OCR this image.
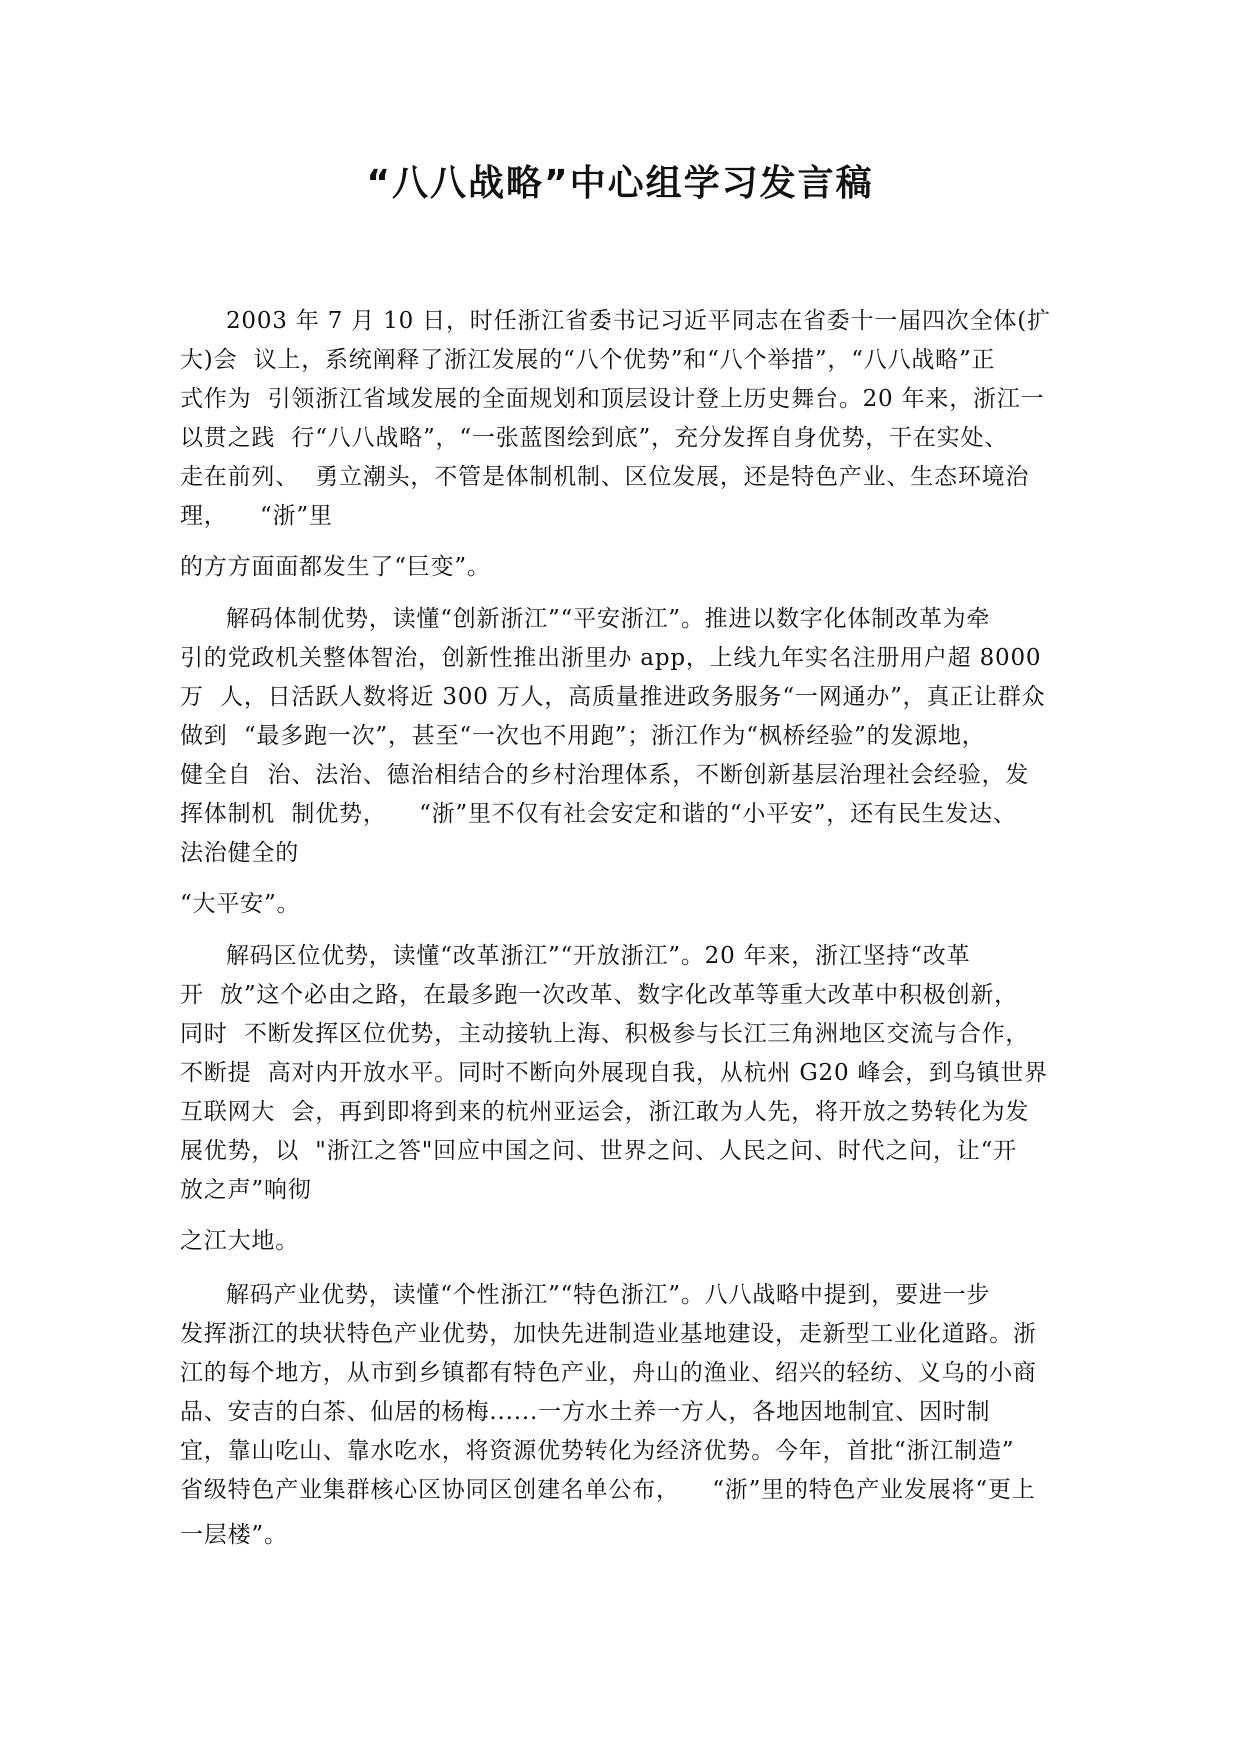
“八八战略”中心组学习发言稿
2003 年 7 月 10 日，时任浙江省委书记习近平同志在省委十一届四次全体(扩
大)会  议上，系统阐释了浙江发展的“八个优势”和“八个举措”，“八八战略”正
式作为  引领浙江省域发展的全面规划和顶层设计登上历史舞台。20 年来，浙江一
以贯之践  行“八八战略”，“一张蓝图绘到底”，充分发挥自身优势，干在实处、
走在前列、  勇立潮头，不管是体制机制、区位发展，还是特色产业、生态环境治
理，    “浙”里
的方方面面都发生了“巨变”。
解码体制优势，读懂“创新浙江”“平安浙江”。推进以数字化体制改革为牵
引的党政机关整体智治，创新性推出浙里办 app，上线九年实名注册用户超 8000
万  人，日活跃人数将近 300 万人，高质量推进政务服务“一网通办”，真正让群众
做到  “最多跑一次”，甚至“一次也不用跑”；浙江作为“枫桥经验”的发源地，
健全自  治、法治、德治相结合的乡村治理体系，不断创新基层治理社会经验，发
挥体制机  制优势，    “浙”里不仅有社会安定和谐的“小平安”，还有民生发达、
法治健全的
“大平安”。
解码区位优势，读懂“改革浙江”“开放浙江”。20 年来，浙江坚持“改革
开  放”这个必由之路，在最多跑一次改革、数字化改革等重大改革中积极创新，
同时  不断发挥区位优势，主动接轨上海、积极参与长江三角洲地区交流与合作，
不断提  高对内开放水平。同时不断向外展现自我，从杭州 G20 峰会，到乌镇世界
互联网大  会，再到即将到来的杭州亚运会，浙江敢为人先，将开放之势转化为发
展优势，以  "浙江之答"回应中国之问、世界之问、人民之问、时代之问，让“开
放之声”响彻
之江大地。
解码产业优势，读懂“个性浙江”“特色浙江”。八八战略中提到，要进一步
发挥浙江的块状特色产业优势，加快先进制造业基地建设，走新型工业化道路。浙
江的每个地方，从市到乡镇都有特色产业，舟山的渔业、绍兴的轻纺、义乌的小商
品、安吉的白茶、仙居的杨梅......一方水土养一方人，各地因地制宜、因时制
宜，靠山吃山、靠水吃水，将资源优势转化为经济优势。今年，首批“浙江制造”
省级特色产业集群核心区协同区创建名单公布，    “浙”里的特色产业发展将“更上
一层楼”。
